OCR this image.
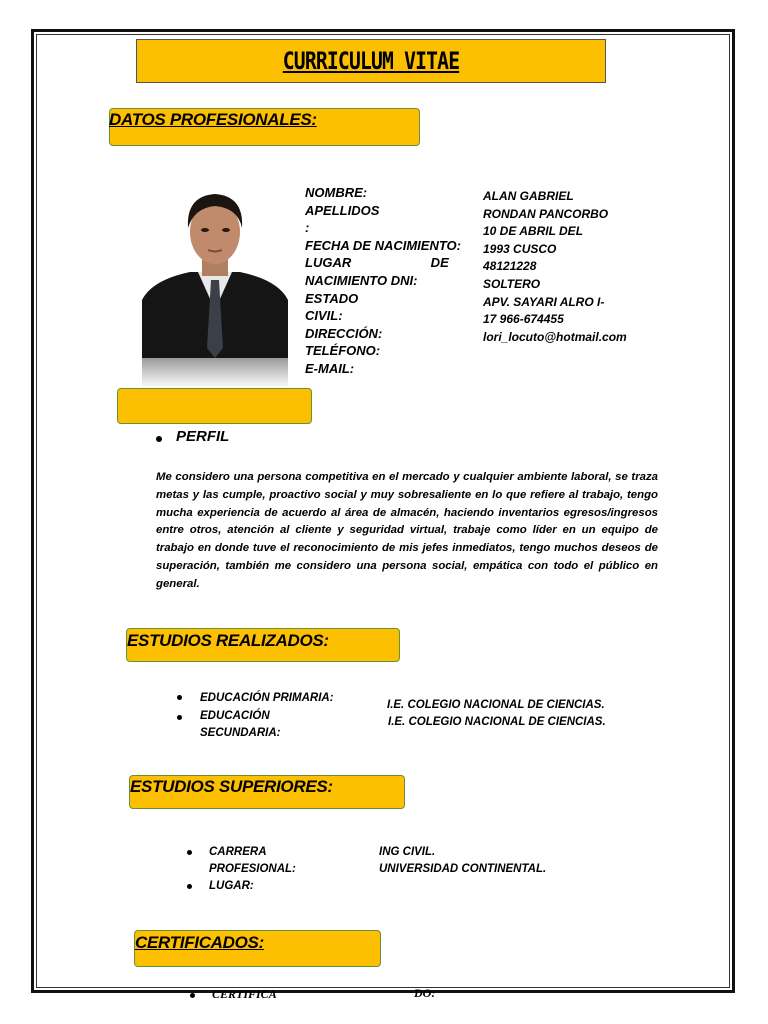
CURRICULUM VITAE
DATOS PROFESIONALES:
NOMBRE:
APELLIDOS
:
FECHA DE NACIMIENTO:
LUGAR                      DE
NACIMIENTO DNI:
ESTADO
CIVIL:
DIRECCIÓN:
TELÉFONO:
E-MAIL:
ALAN GABRIEL
RONDAN PANCORBO
10 DE ABRIL DEL
1993 CUSCO
48121228
SOLTERO
APV. SAYARI ALRO I-
17 966-674455
lori_locuto@hotmail.com
PERFIL
Me considero una persona competitiva en el mercado y cualquier ambiente laboral, se traza metas y las cumple, proactivo social y muy sobresaliente en lo que refiere al trabajo, tengo mucha experiencia de acuerdo al área de almacén, haciendo inventarios egresos/ingresos entre otros, atención al cliente y seguridad virtual, trabaje como líder en un equipo de trabajo en donde tuve el reconocimiento de mis jefes inmediatos, tengo muchos deseos de superación, también me considero una persona social, empática con todo el público en general.
ESTUDIOS REALIZADOS:
EDUCACIÓN PRIMARIA:
EDUCACIÓN
SECUNDARIA:
I.E. COLEGIO NACIONAL DE CIENCIAS.
I.E. COLEGIO NACIONAL DE CIENCIAS.
ESTUDIOS SUPERIORES:
CARRERA
PROFESIONAL:
LUGAR:
ING CIVIL.
UNIVERSIDAD CONTINENTAL.
CERTIFICADOS:
CERTIFICA	DO:
